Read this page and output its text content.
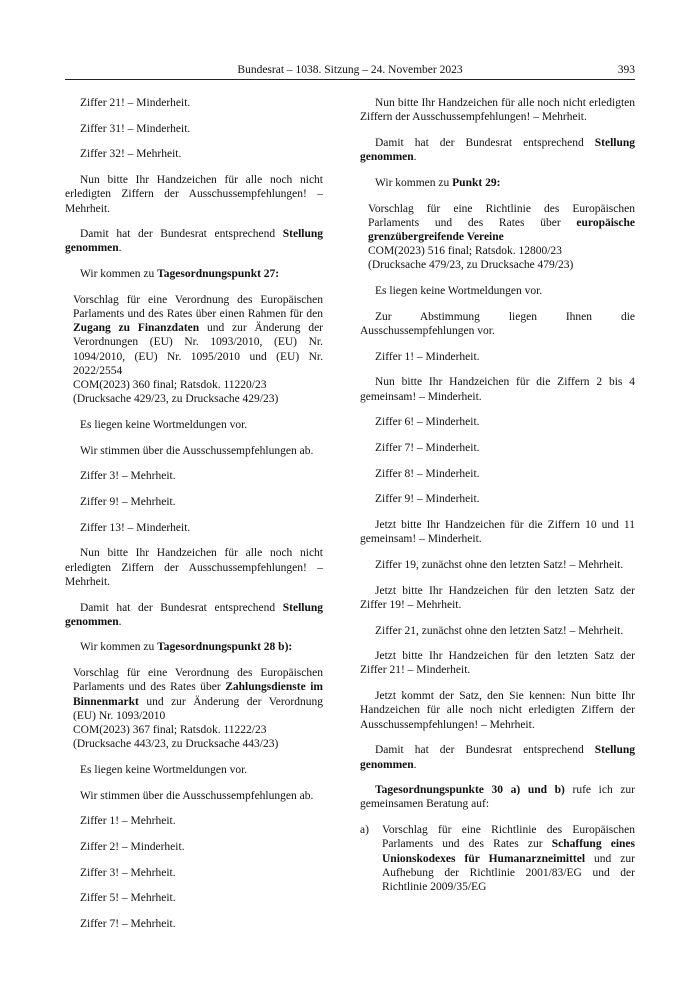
Bundesrat – 1038. Sitzung – 24. November 2023	393

Ziffer 21! – Minderheit.

Ziffer 31! – Minderheit.

Ziffer 32! – Mehrheit.

Nun bitte Ihr Handzeichen für alle noch nicht erledigten Ziffern der Ausschussempfehlungen! – Mehrheit.

Damit hat der Bundesrat entsprechend Stellung genommen.

Wir kommen zu Tagesordnungspunkt 27:

Vorschlag für eine Verordnung des Europäischen Parlaments und des Rates über einen Rahmen für den Zugang zu Finanzdaten und zur Änderung der Verordnungen (EU) Nr. 1093/2010, (EU) Nr. 1094/2010, (EU) Nr. 1095/2010 und (EU) Nr. 2022/2554
COM(2023) 360 final; Ratsdok. 11220/23
(Drucksache 429/23, zu Drucksache 429/23)

Es liegen keine Wortmeldungen vor.

Wir stimmen über die Ausschussempfehlungen ab.

Ziffer 3! – Mehrheit.

Ziffer 9! – Mehrheit.

Ziffer 13! – Minderheit.

Nun bitte Ihr Handzeichen für alle noch nicht erledigten Ziffern der Ausschussempfehlungen! – Mehrheit.

Damit hat der Bundesrat entsprechend Stellung genommen.

Wir kommen zu Tagesordnungspunkt 28 b):

Vorschlag für eine Verordnung des Europäischen Parlaments und des Rates über Zahlungsdienste im Binnenmarkt und zur Änderung der Verordnung (EU) Nr. 1093/2010
COM(2023) 367 final; Ratsdok. 11222/23
(Drucksache 443/23, zu Drucksache 443/23)

Es liegen keine Wortmeldungen vor.

Wir stimmen über die Ausschussempfehlungen ab.

Ziffer 1! – Mehrheit.

Ziffer 2! – Minderheit.

Ziffer 3! – Mehrheit.

Ziffer 5! – Mehrheit.

Ziffer 7! – Mehrheit.

Nun bitte Ihr Handzeichen für alle noch nicht erledigten Ziffern der Ausschussempfehlungen! – Mehrheit.

Damit hat der Bundesrat entsprechend Stellung genommen.

Wir kommen zu Punkt 29:

Vorschlag für eine Richtlinie des Europäischen Parlaments und des Rates über europäische grenzübergreifende Vereine
COM(2023) 516 final; Ratsdok. 12800/23
(Drucksache 479/23, zu Drucksache 479/23)

Es liegen keine Wortmeldungen vor.

Zur Abstimmung liegen Ihnen die Ausschussempfehlungen vor.

Ziffer 1! – Minderheit.

Nun bitte Ihr Handzeichen für die Ziffern 2 bis 4 gemeinsam! – Minderheit.

Ziffer 6! – Minderheit.

Ziffer 7! – Minderheit.

Ziffer 8! – Minderheit.

Ziffer 9! – Minderheit.

Jetzt bitte Ihr Handzeichen für die Ziffern 10 und 11 gemeinsam! – Minderheit.

Ziffer 19, zunächst ohne den letzten Satz! – Mehrheit.

Jetzt bitte Ihr Handzeichen für den letzten Satz der Ziffer 19! – Mehrheit.

Ziffer 21, zunächst ohne den letzten Satz! – Mehrheit.

Jetzt bitte Ihr Handzeichen für den letzten Satz der Ziffer 21! – Minderheit.

Jetzt kommt der Satz, den Sie kennen: Nun bitte Ihr Handzeichen für alle noch nicht erledigten Ziffern der Ausschussempfehlungen! – Mehrheit.

Damit hat der Bundesrat entsprechend Stellung genommen.

Tagesordnungspunkte 30 a) und b) rufe ich zur gemeinsamen Beratung auf:

a)	Vorschlag für eine Richtlinie des Europäischen Parlaments und des Rates zur Schaffung eines Unionskodexes für Humanarzneimittel und zur Aufhebung der Richtlinie 2001/83/EG und der Richtlinie 2009/35/EG
